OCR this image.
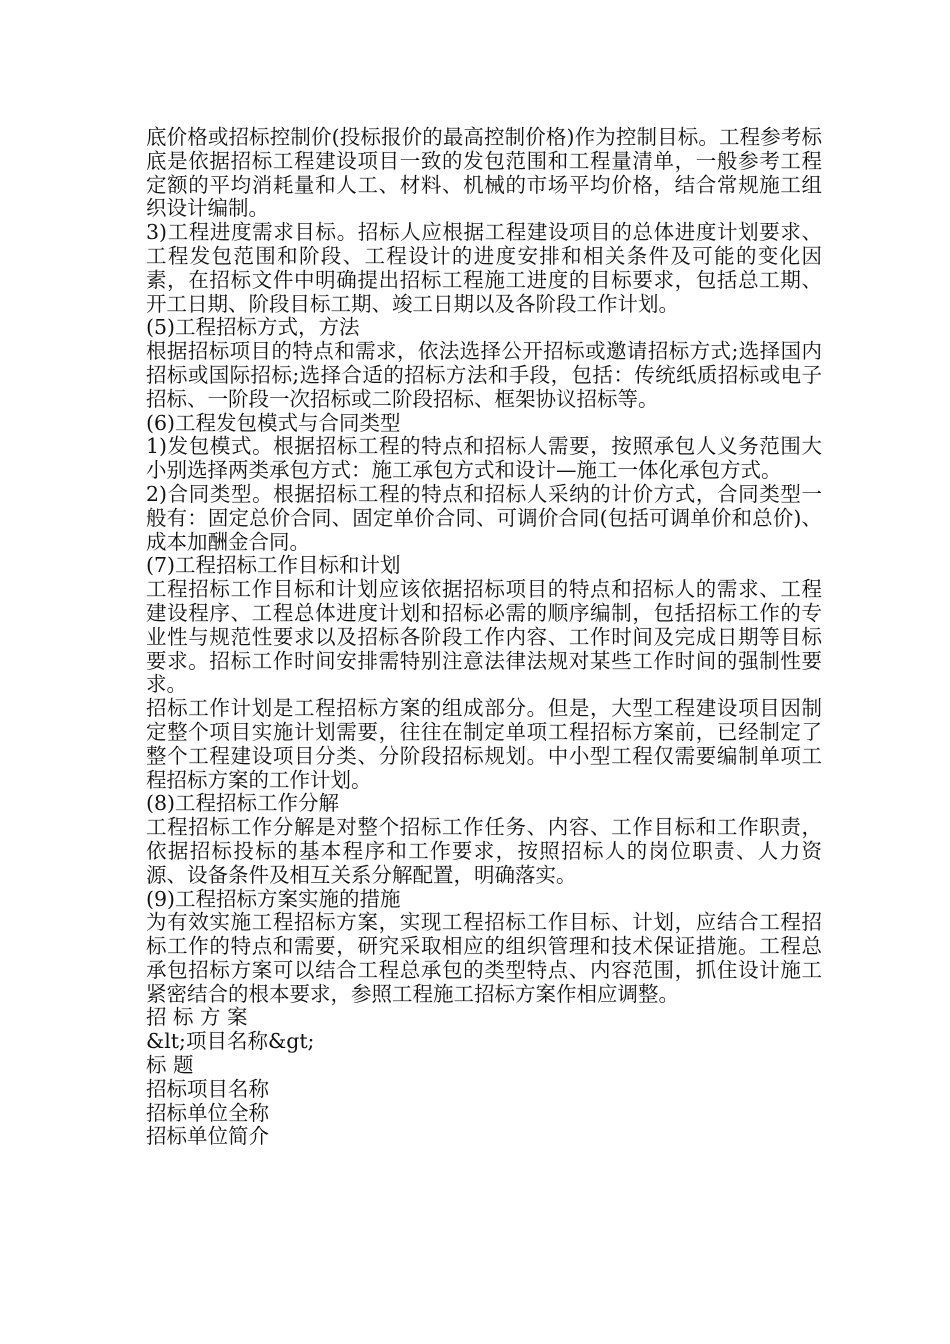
底价格或招标控制价(投标报价的最高控制价格)作为控制目标。工程参考标底是依据招标工程建设项目一致的发包范围和工程量清单，一般参考工程定额的平均消耗量和人工、材料、机械的市场平均价格，结合常规施工组织设计编制。

3)工程进度需求目标。招标人应根据工程建设项目的总体进度计划要求、工程发包范围和阶段、工程设计的进度安排和相关条件及可能的变化因素，在招标文件中明确提出招标工程施工进度的目标要求，包括总工期、开工日期、阶段目标工期、竣工日期以及各阶段工作计划。

(5)工程招标方式，方法

根据招标项目的特点和需求，依法选择公开招标或邀请招标方式;选择国内招标或国际招标;选择合适的招标方法和手段，包括：传统纸质招标或电子招标、一阶段一次招标或二阶段招标、框架协议招标等。

(6)工程发包模式与合同类型

1)发包模式。根据招标工程的特点和招标人需要，按照承包人义务范围大小别选择两类承包方式：施工承包方式和设计—施工一体化承包方式。

2)合同类型。根据招标工程的特点和招标人采纳的计价方式，合同类型一般有：固定总价合同、固定单价合同、可调价合同(包括可调单价和总价)、成本加酬金合同。

(7)工程招标工作目标和计划

工程招标工作目标和计划应该依据招标项目的特点和招标人的需求、工程建设程序、工程总体进度计划和招标必需的顺序编制，包括招标工作的专业性与规范性要求以及招标各阶段工作内容、工作时间及完成日期等目标要求。招标工作时间安排需特别注意法律法规对某些工作时间的强制性要求。

招标工作计划是工程招标方案的组成部分。但是，大型工程建设项目因制定整个项目实施计划需要，往往在制定单项工程招标方案前，已经制定了整个工程建设项目分类、分阶段招标规划。中小型工程仅需要编制单项工程招标方案的工作计划。

(8)工程招标工作分解

工程招标工作分解是对整个招标工作任务、内容、工作目标和工作职责，依据招标投标的基本程序和工作要求，按照招标人的岗位职责、人力资源、设备条件及相互关系分解配置，明确落实。

(9)工程招标方案实施的措施

为有效实施工程招标方案，实现工程招标工作目标、计划，应结合工程招标工作的特点和需要，研究采取相应的组织管理和技术保证措施。工程总承包招标方案可以结合工程总承包的类型特点、内容范围，抓住设计施工紧密结合的根本要求，参照工程施工招标方案作相应调整。

招 标 方 案

&lt;项目名称&gt;

标 题

招标项目名称

招标单位全称

招标单位简介
